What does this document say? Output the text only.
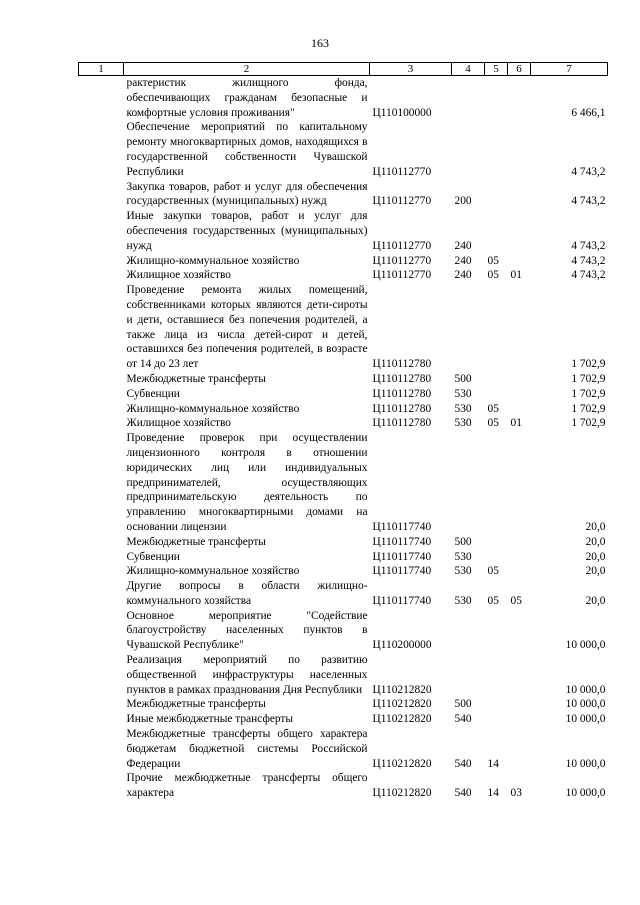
163
1	2	3	4	5	6	7
	рактеристик жилищного фонда, обеспечивающих гражданам безопасные и комфортные условия проживания"	Ц110100000				6 466,1
	Обеспечение мероприятий по капитальному ремонту многоквартирных домов, находящихся в государственной собственности Чувашской Республики	Ц110112770				4 743,2
	Закупка товаров, работ и услуг для обеспечения государственных (муниципальных) нужд	Ц110112770	200			4 743,2
	Иные закупки товаров, работ и услуг для обеспечения государственных (муниципальных) нужд	Ц110112770	240			4 743,2
	Жилищно-коммунальное хозяйство	Ц110112770	240	05		4 743,2
	Жилищное хозяйство	Ц110112770	240	05	01	4 743,2
	Проведение ремонта жилых помещений, собственниками которых являются дети-сироты и дети, оставшиеся без попечения родителей, а также лица из числа детей-сирот и детей, оставшихся без попечения родителей, в возрасте от 14 до 23 лет	Ц110112780				1 702,9
	Межбюджетные трансферты	Ц110112780	500			1 702,9
	Субвенции	Ц110112780	530			1 702,9
	Жилищно-коммунальное хозяйство	Ц110112780	530	05		1 702,9
	Жилищное хозяйство	Ц110112780	530	05	01	1 702,9
	Проведение проверок при осуществлении лицензионного контроля в отношении юридических лиц или индивидуальных предпринимателей, осуществляющих предпринимательскую деятельность по управлению многоквартирными домами на основании лицензии	Ц110117740				20,0
	Межбюджетные трансферты	Ц110117740	500			20,0
	Субвенции	Ц110117740	530			20,0
	Жилищно-коммунальное хозяйство	Ц110117740	530	05		20,0
	Другие вопросы в области жилищно-коммунального хозяйства	Ц110117740	530	05	05	20,0
	Основное мероприятие "Содействие благоустройству населенных пунктов в Чувашской Республике"	Ц110200000				10 000,0
	Реализация мероприятий по развитию общественной инфраструктуры населенных пунктов в рамках празднования Дня Республики	Ц110212820				10 000,0
	Межбюджетные трансферты	Ц110212820	500			10 000,0
	Иные межбюджетные трансферты	Ц110212820	540			10 000,0
	Межбюджетные трансферты общего характера бюджетам бюджетной системы Российской Федерации	Ц110212820	540	14		10 000,0
	Прочие межбюджетные трансферты общего характера	Ц110212820	540	14	03	10 000,0
